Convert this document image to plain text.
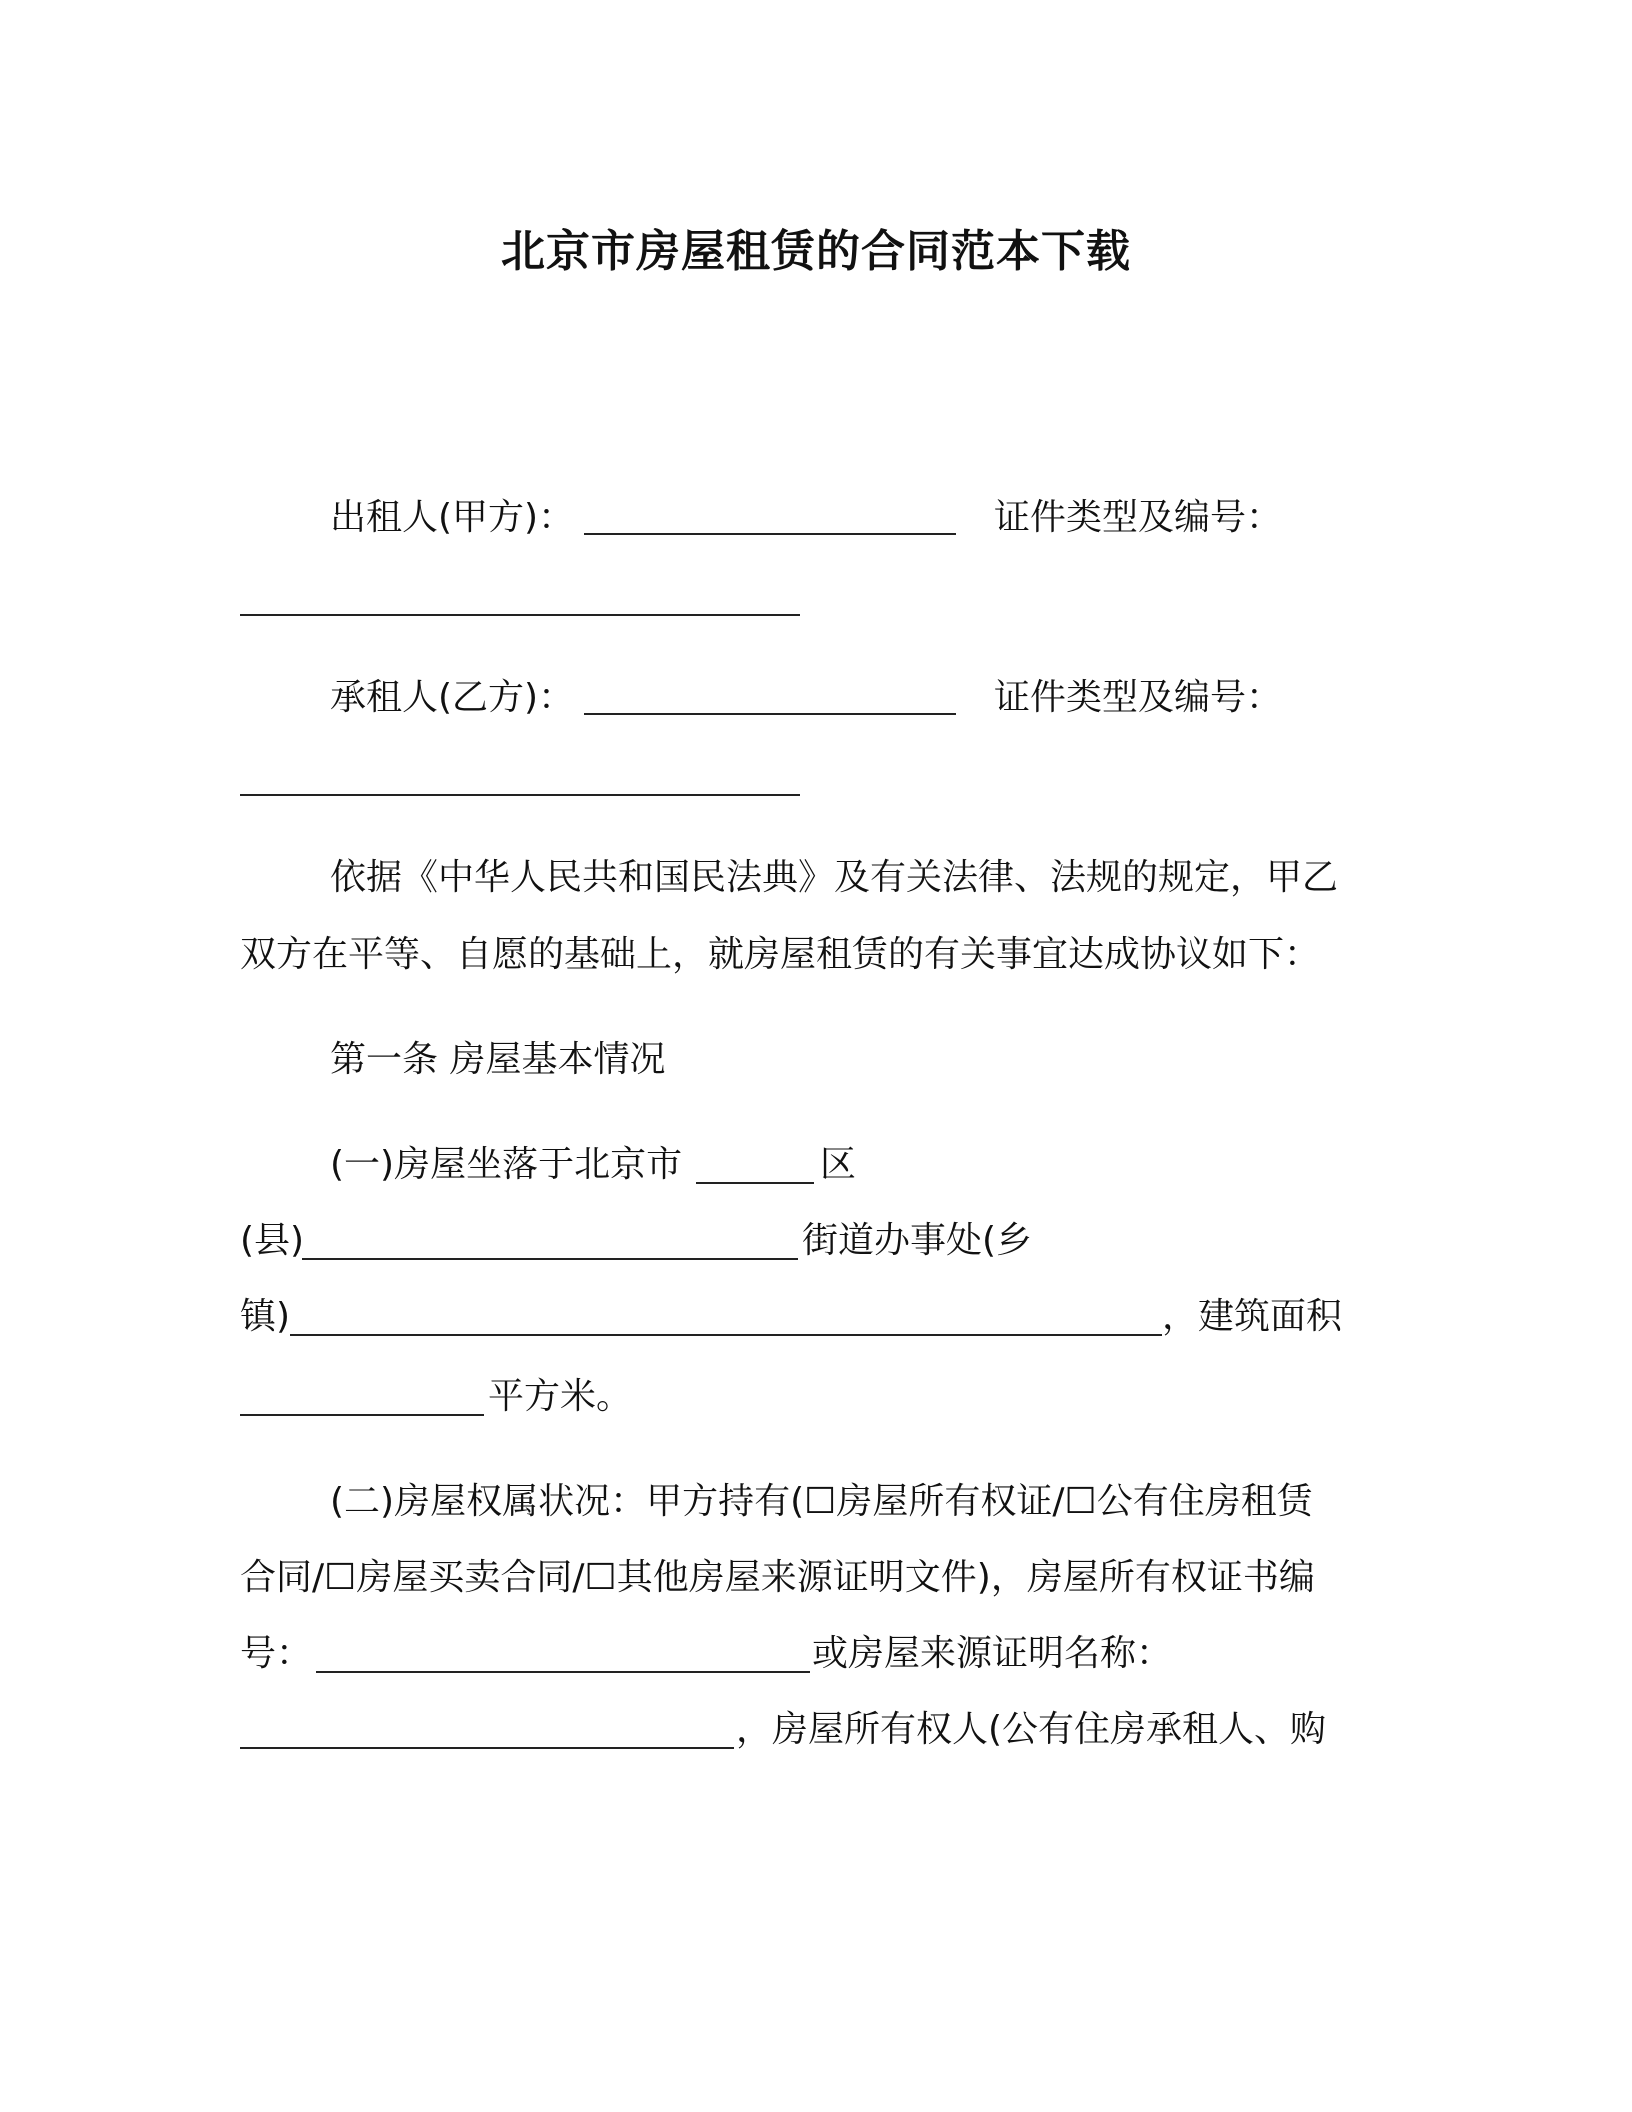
北京市房屋租赁的合同范本下载
出租人(甲方)：	证件类型及编号：
承租人(乙方)：	证件类型及编号：
依据《中华人民共和国民法典》及有关法律、法规的规定，甲乙
双方在平等、自愿的基础上，就房屋租赁的有关事宜达成协议如下：
第一条 房屋基本情况
(一)房屋坐落于北京市	区
(县)	街道办事处(乡
镇)	，建筑面积
平方米。
(二)房屋权属状况：甲方持有(☐房屋所有权证/☐公有住房租赁
合同/☐房屋买卖合同/☐其他房屋来源证明文件)，房屋所有权证书编
号：	或房屋来源证明名称：
，房屋所有权人(公有住房承租人、购
